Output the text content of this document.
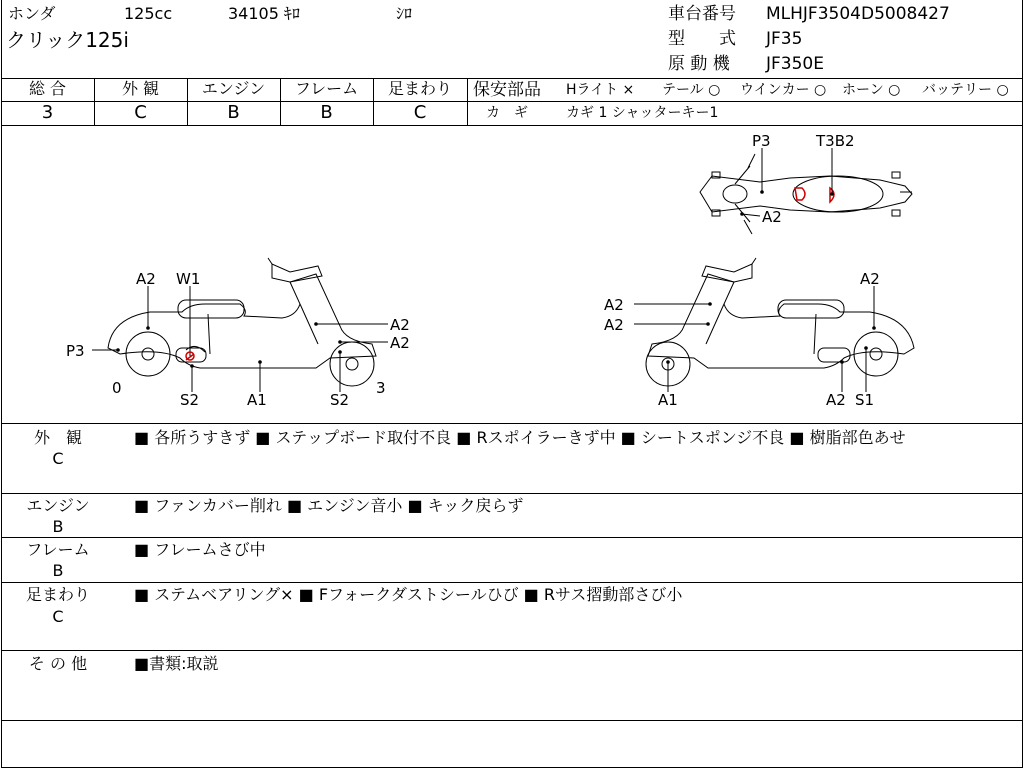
ホンダ	125cc	34105 ｷﾛ	ｼﾛ
クリック125i
車台番号 MLHJF3504D5008427
型　　式 JF35
原 動 機 JF350E
総 合	外 観	エンジン	フレーム	足まわり
3	C	B	B	C
保安部品 Hライト × テール ○ ウインカー ○ ホーン ○ バッテリー ○
カ　ギ	カギ 1 シャッターキー1
P3	T3B2
A2
A2 W1
A2
A2
P3
0	3
S2	A1	S2
A2
A2
A2
A1	A2 S1
外　観
C
■ 各所うすきず ■ ステップボード取付不良 ■ Rスポイラーきず中 ■ シートスポンジ不良 ■ 樹脂部色あせ
エンジン
B
■ ファンカバー削れ ■ エンジン音小 ■ キック戻らず
フレーム
B
■ フレームさび中
足まわり
C
■ ステムベアリング× ■ Fフォークダストシールひび ■ Rサス摺動部さび小
そ の 他	■書類:取説
